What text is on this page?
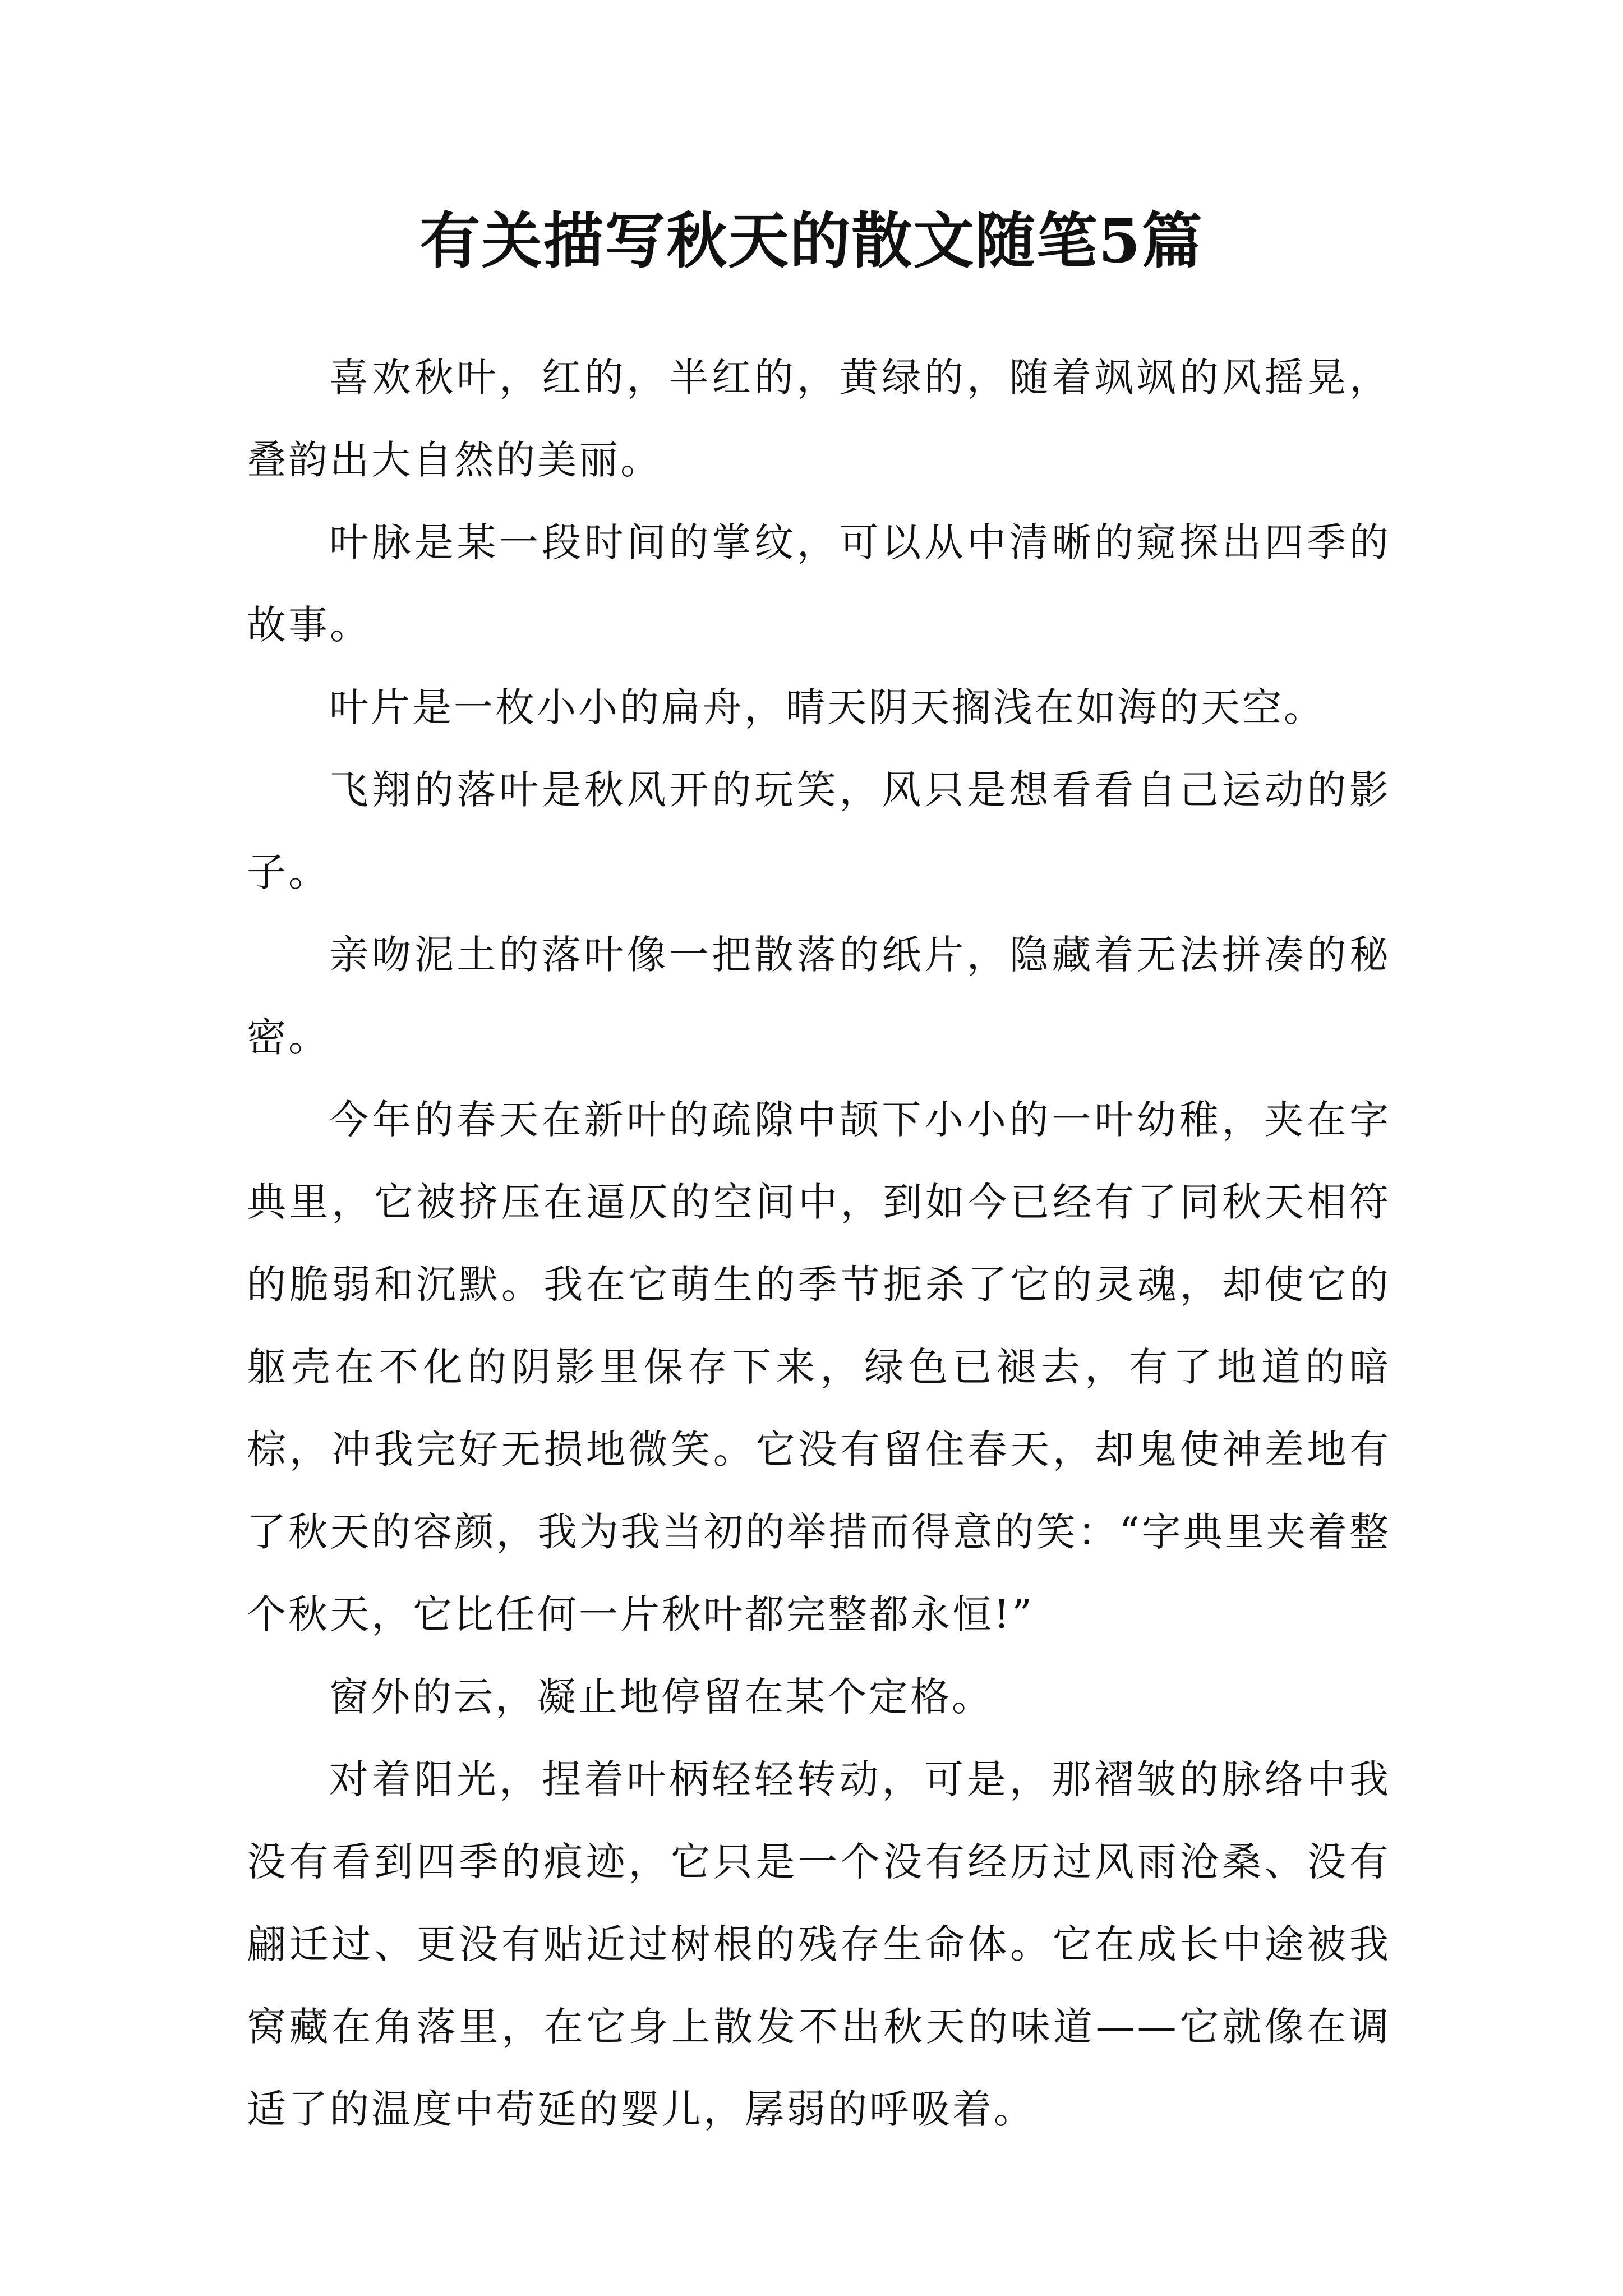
有关描写秋天的散文随笔5篇

喜欢秋叶，红的，半红的，黄绿的，随着飒飒的风摇晃，叠韵出大自然的美丽。

叶脉是某一段时间的掌纹，可以从中清晰的窥探出四季的故事。

叶片是一枚小小的扁舟，晴天阴天搁浅在如海的天空。

飞翔的落叶是秋风开的玩笑，风只是想看看自己运动的影子。

亲吻泥土的落叶像一把散落的纸片，隐藏着无法拼凑的秘密。

今年的春天在新叶的疏隙中颉下小小的一叶幼稚，夹在字典里，它被挤压在逼仄的空间中，到如今已经有了同秋天相符的脆弱和沉默。我在它萌生的季节扼杀了它的灵魂，却使它的躯壳在不化的阴影里保存下来，绿色已褪去，有了地道的暗棕，冲我完好无损地微笑。它没有留住春天，却鬼使神差地有了秋天的容颜，我为我当初的举措而得意的笑：“字典里夹着整个秋天，它比任何一片秋叶都完整都永恒!”

窗外的云，凝止地停留在某个定格。

对着阳光，捏着叶柄轻轻转动，可是，那褶皱的脉络中我没有看到四季的痕迹，它只是一个没有经历过风雨沧桑、没有翩迁过、更没有贴近过树根的残存生命体。它在成长中途被我窝藏在角落里，在它身上散发不出秋天的味道——它就像在调适了的温度中苟延的婴儿，孱弱的呼吸着。
